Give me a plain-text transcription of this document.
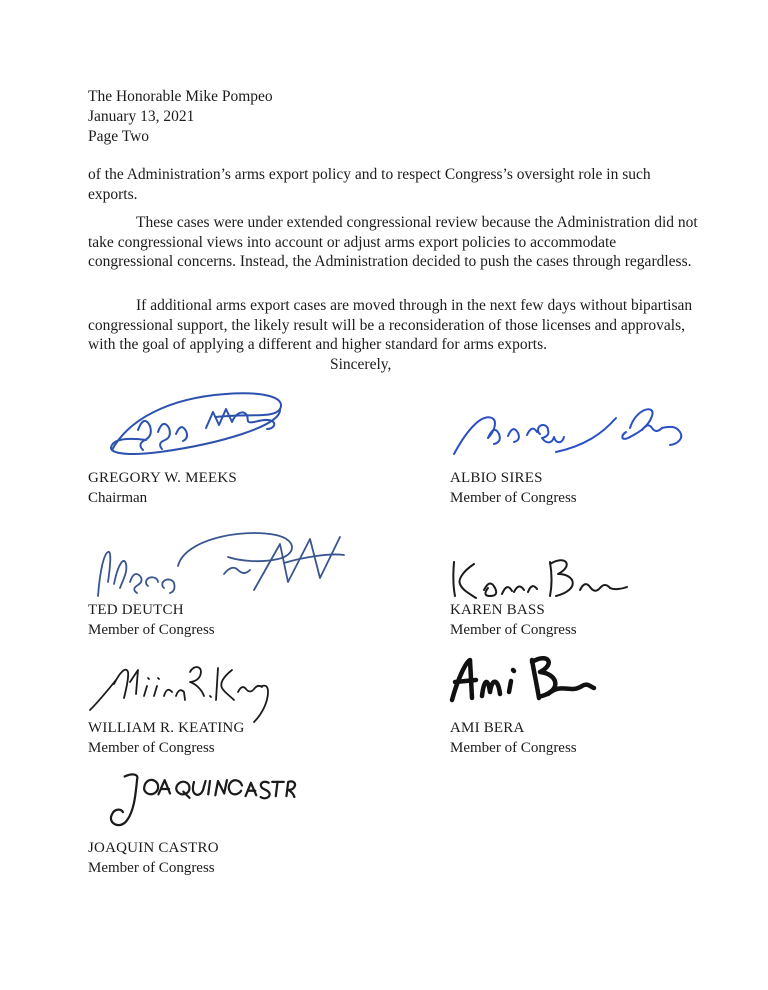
The Honorable Mike Pompeo
January 13, 2021
Page Two
of the Administration’s arms export policy and to respect Congress’s oversight role in such exports.
These cases were under extended congressional review because the Administration did not take congressional views into account or adjust arms export policies to accommodate congressional concerns. Instead, the Administration decided to push the cases through regardless.
If additional arms export cases are moved through in the next few days without bipartisan congressional support, the likely result will be a reconsideration of those licenses and approvals, with the goal of applying a different and higher standard for arms exports.
Sincerely,
GREGORY W. MEEKS
Chairman
ALBIO SIRES
Member of Congress
TED DEUTCH
Member of Congress
KAREN BASS
Member of Congress
WILLIAM R. KEATING
Member of Congress
AMI BERA
Member of Congress
JOAQUIN CASTRO
Member of Congress
